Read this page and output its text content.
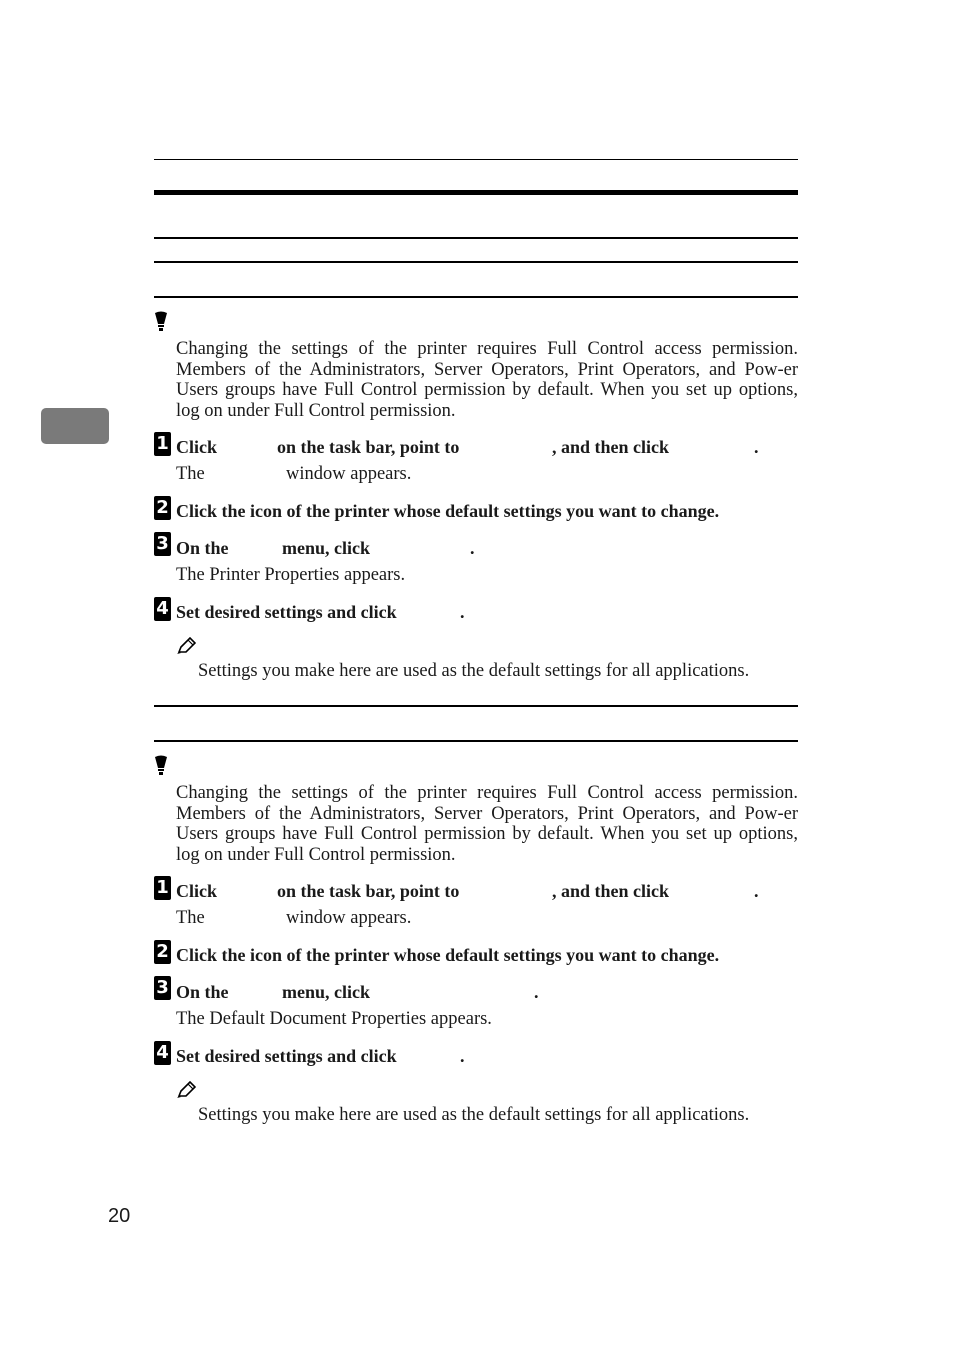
Changing the settings of the printer requires Full Control access permission. Members of the Administrators, Server Operators, Print Operators, and Pow-er Users groups have Full Control permission by default. When you set up options, log on under Full Control permission.

1 Click	on the task bar, point to	, and then click	.
The	window appears.
2 Click the icon of the printer whose default settings you want to change.
3 On the	menu, click	.
The Printer Properties appears.
4 Set desired settings and click	.

Settings you make here are used as the default settings for all applications.

Changing the settings of the printer requires Full Control access permission. Members of the Administrators, Server Operators, Print Operators, and Pow-er Users groups have Full Control permission by default. When you set up options, log on under Full Control permission.

1 Click	on the task bar, point to	, and then click	.
The	window appears.
2 Click the icon of the printer whose default settings you want to change.
3 On the	menu, click	.
The Default Document Properties appears.
4 Set desired settings and click	.

Settings you make here are used as the default settings for all applications.

20
